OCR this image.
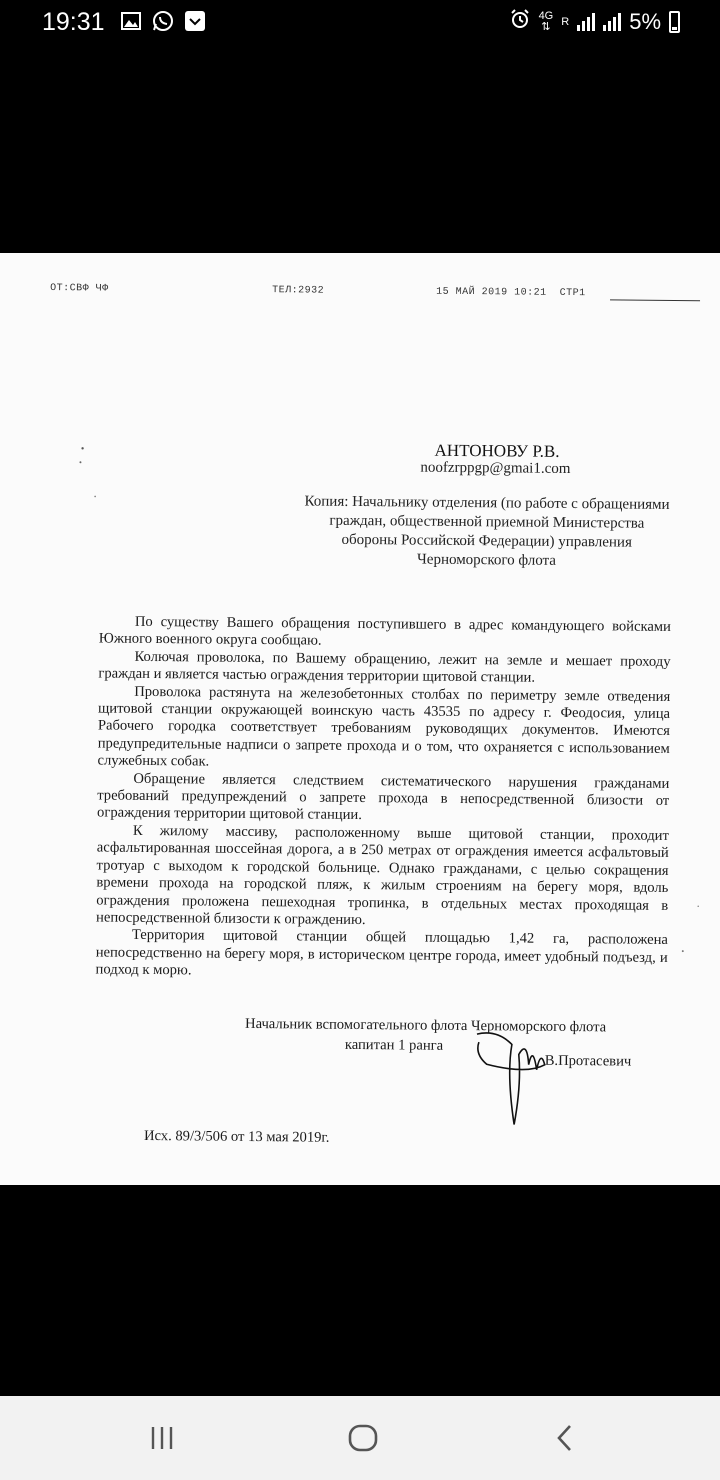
19:31	4G
⇅ R	5%
ОТ:СВФ ЧФ	ТЕЛ:2932	15 МАЙ 2019 10:21 СТР1
АНТОНОВУ Р.В.
noofzrppgp@gmai1.com
Копия: Начальнику отделения (по работе с обращениями граждан, общественной приемной Министерства обороны Российской Федерации) управления Черноморского флота

По существу Вашего обращения поступившего в адрес командующего войсками Южного военного округа сообщаю.

Колючая проволока, по Вашему обращению, лежит на земле и мешает проходу граждан и является частью ограждения территории щитовой станции.

Проволока растянута на железобетонных столбах по периметру земле отведения щитовой станции окружающей воинскую часть 43535 по адресу г. Феодосия, улица Рабочего городка соответствует требованиям руководящих документов. Имеются предупредительные надписи о запрете прохода и о том, что охраняется с использованием служебных собак.

Обращение является следствием систематического нарушения гражданами требований предупреждений о запрете прохода в непосредственной близости от ограждения территории щитовой станции.

К жилому массиву, расположенному выше щитовой станции, проходит асфальтированная шоссейная дорога, а в 250 метрах от ограждения имеется асфальтовый тротуар с выходом к городской больнице. Однако гражданами, с целью сокращения времени прохода на городской пляж, к жилым строениям на берегу моря, вдоль ограждения проложена пешеходная тропинка, в отдельных местах проходящая в непосредственной близости к ограждению.

Территория щитовой станции общей площадью 1,42 га, расположена непосредственно на берегу моря, в историческом центре города, имеет удобный подъезд, и подход к морю.

Начальник вспомогательного флота Черноморского флота
капитан 1 ранга
В.Протасевич
Исх. 89/3/506 от 13 мая 2019г.
